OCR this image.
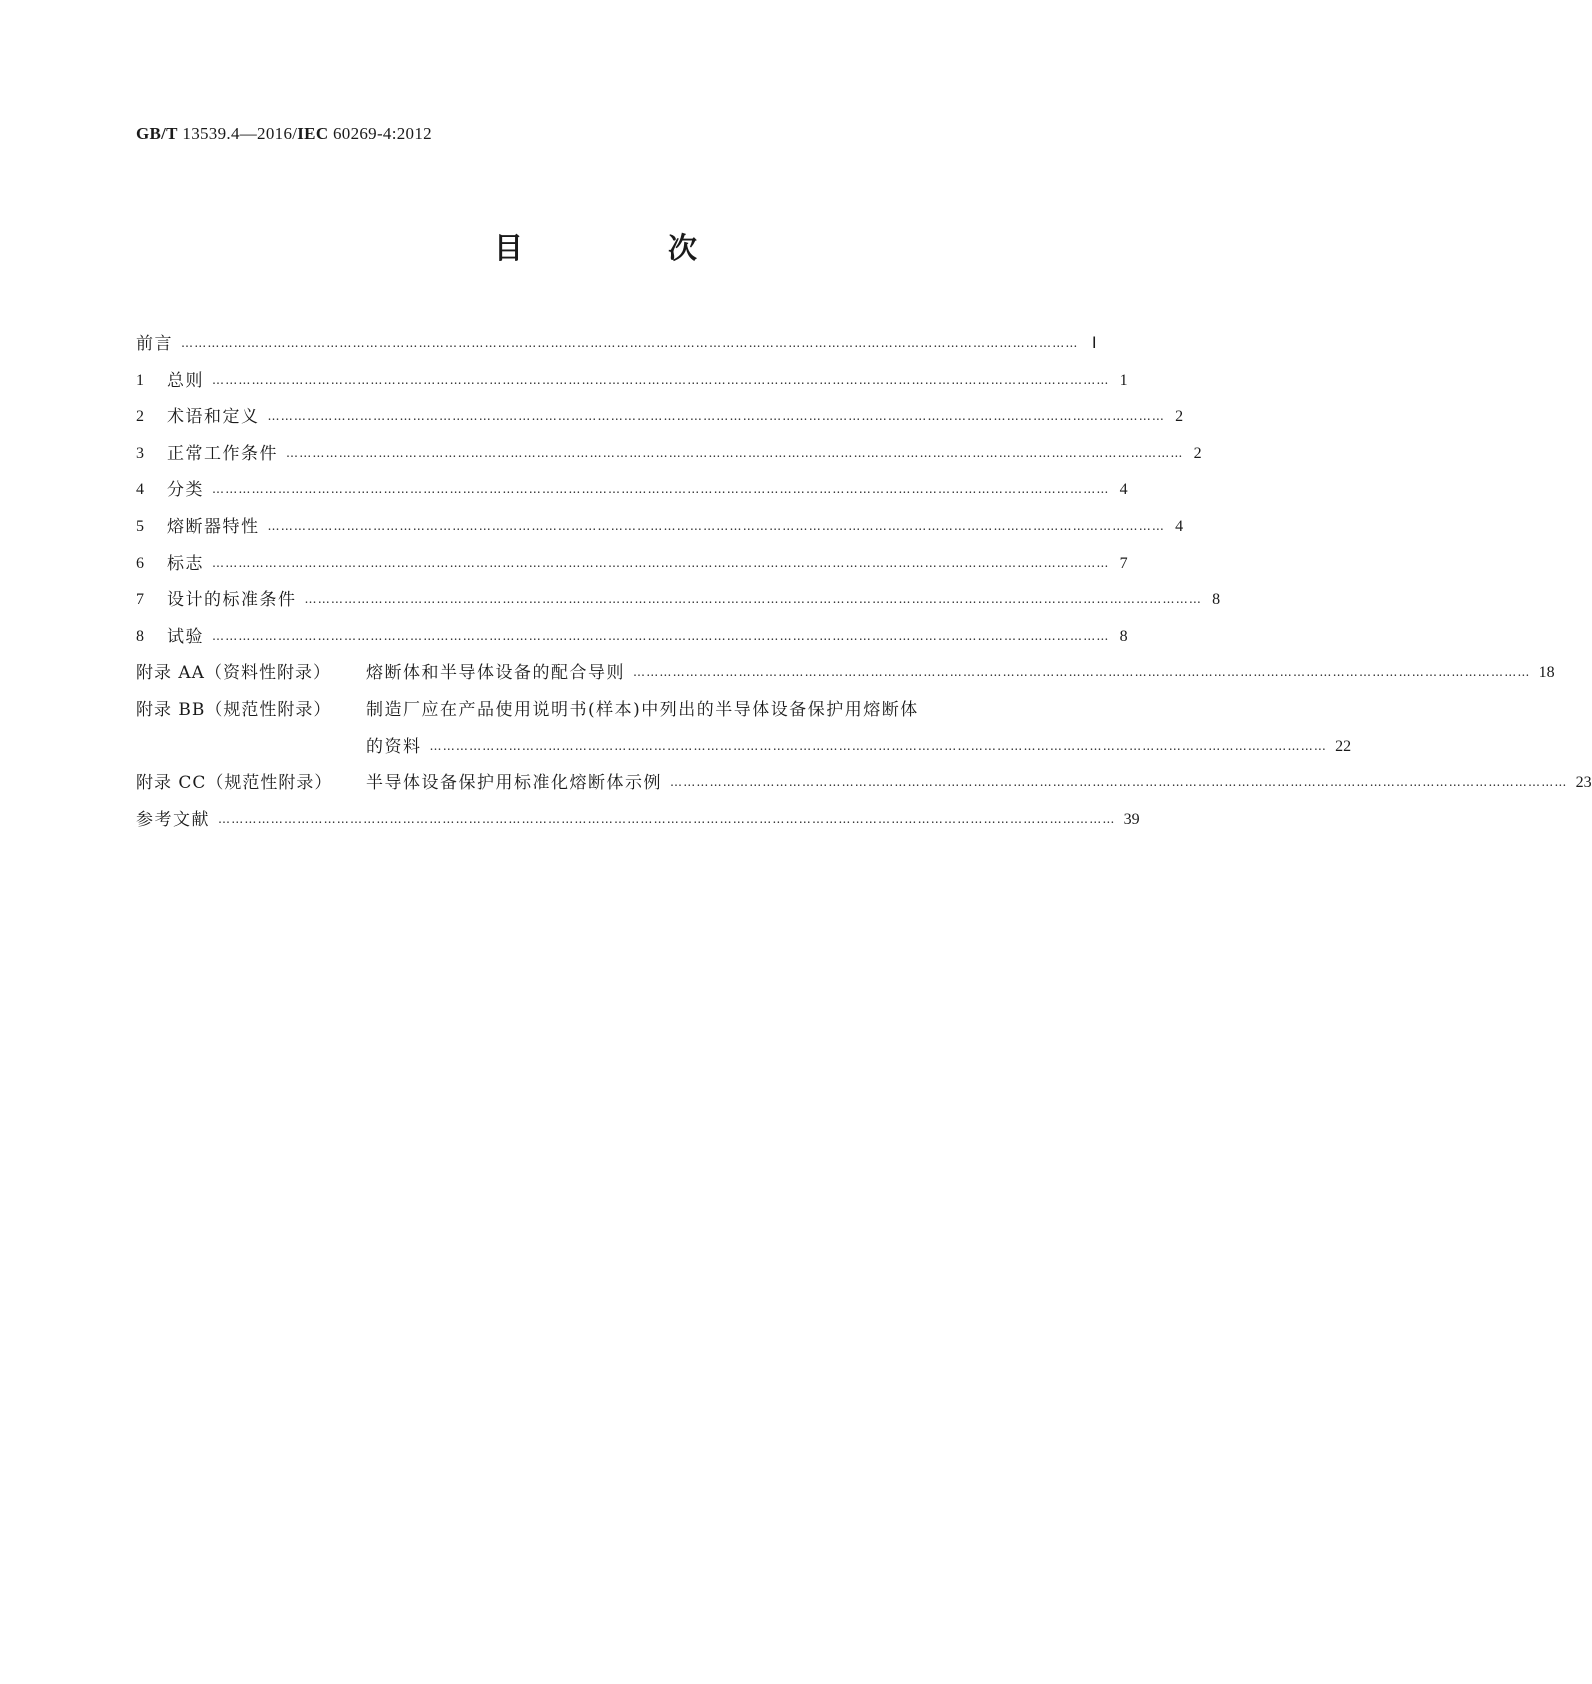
GB/T 13539.4—2016/IEC 60269-4:2012
目　次
前言 …………………………………………………………………………………………………………………………………………………………………………………… Ⅰ
1	总则 …………………………………………………………………………………………………………………………………………………………………………………… 1
2	术语和定义 …………………………………………………………………………………………………………………………………………………………………………………… 2
3	正常工作条件 …………………………………………………………………………………………………………………………………………………………………………………… 2
4	分类 …………………………………………………………………………………………………………………………………………………………………………………… 4
5	熔断器特性 …………………………………………………………………………………………………………………………………………………………………………………… 4
6	标志 …………………………………………………………………………………………………………………………………………………………………………………… 7
7	设计的标准条件 …………………………………………………………………………………………………………………………………………………………………………………… 8
8	试验 …………………………………………………………………………………………………………………………………………………………………………………… 8
附录 AA（资料性附录）	熔断体和半导体设备的配合导则 …………………………………………………………………………………………………………………………………………………………………………………… 18
附录 BB（规范性附录）	制造厂应在产品使用说明书(样本)中列出的半导体设备保护用熔断体
的资料 …………………………………………………………………………………………………………………………………………………………………………………… 22
附录 CC（规范性附录）	半导体设备保护用标准化熔断体示例 …………………………………………………………………………………………………………………………………………………………………………………… 23
参考文献 …………………………………………………………………………………………………………………………………………………………………………………… 39
